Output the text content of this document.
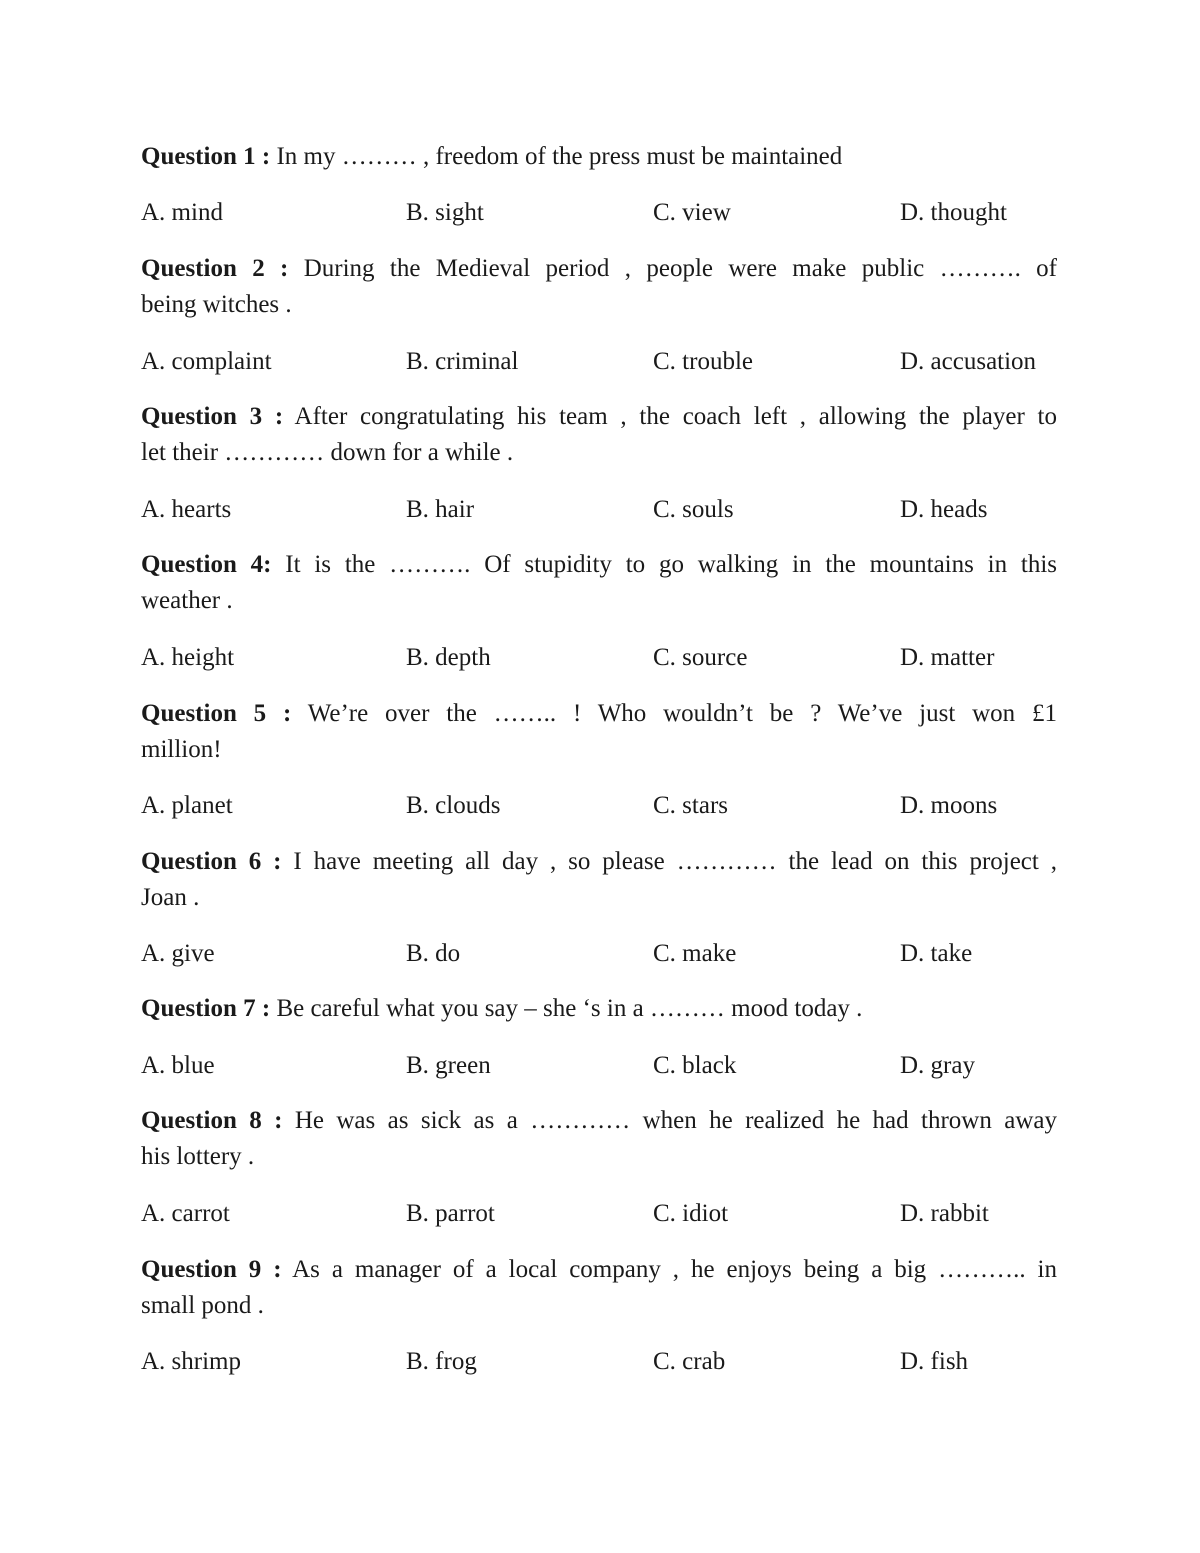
Question 1 : In my ……… , freedom of the press must be maintained

A. mind	B. sight	C. view	D. thought
Question 2 : During the Medieval period , people were make public ………. of
being witches .
A. complaint	B. criminal	C. trouble	D. accusation
Question 3 : After congratulating his team , the coach left , allowing the player to
let their ………… down for a while .
A. hearts	B. hair	C. souls	D. heads
Question 4: It is the ………. Of stupidity to go walking in the mountains in this
weather .
A. height	B. depth	C. source	D. matter
Question 5 : We’re over the …….. ! Who wouldn’t be ? We’ve just won £1
million!
A. planet	B. clouds	C. stars	D. moons
Question 6 : I have meeting all day , so please ………… the lead on this project ,
Joan .
A. give	B. do	C. make	D. take

Question 7 : Be careful what you say – she ‘s in a ……… mood today .

A. blue	B. green	C. black	D. gray
Question 8 : He was as sick as a ………… when he realized he had thrown away
his lottery .
A. carrot	B. parrot	C. idiot	D. rabbit
Question 9 : As a manager of a local company , he enjoys being a big ……….. in
small pond .
A. shrimp	B. frog	C. crab	D. fish
